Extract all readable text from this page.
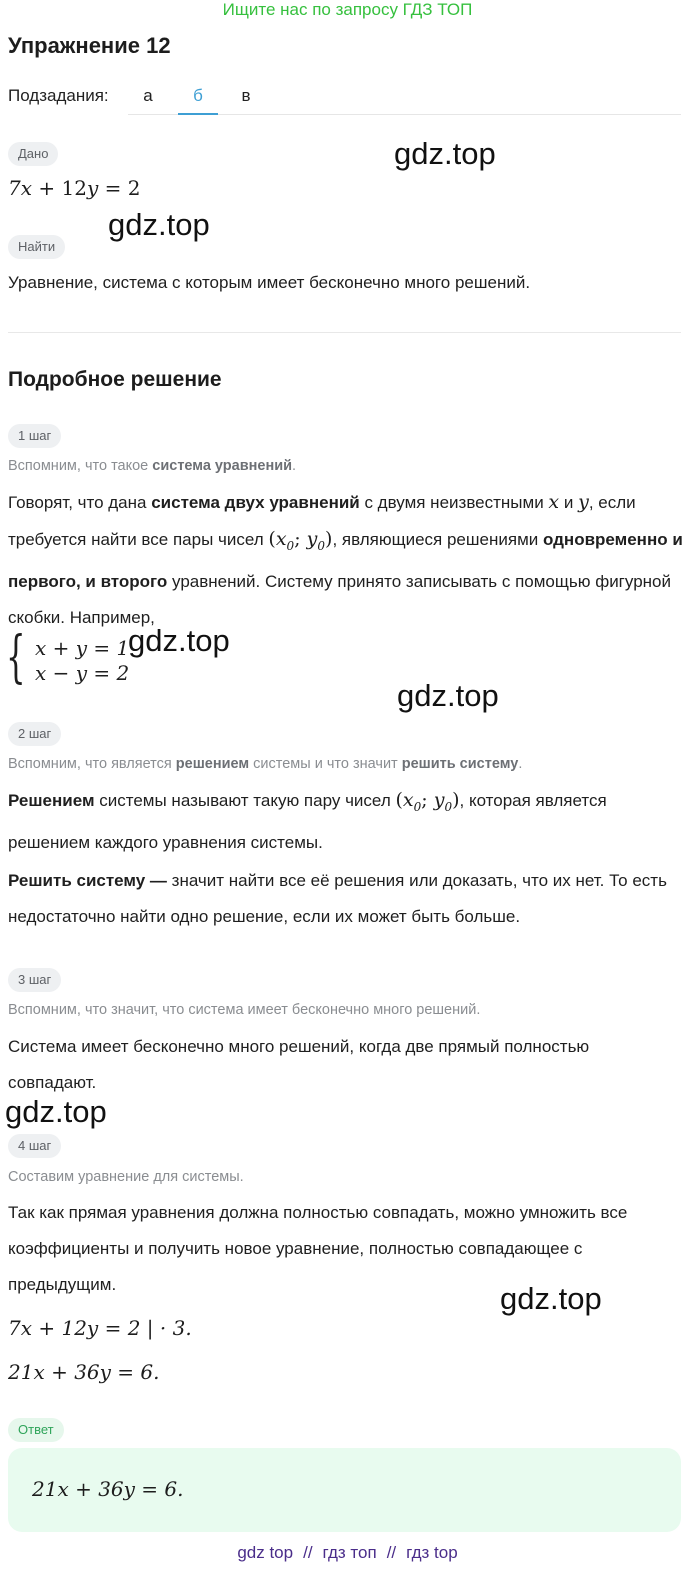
Ищите нас по запросу ГДЗ ТОП
Упражнение 12
Подзадания:	а	б	в
Дано
7x + 12y = 2
Найти
Уравнение, система с которым имеет бесконечно много решений.
Подробное решение
1 шаг
Вспомним, что такое система уравнений.
Говорят, что дана система двух уравнений с двумя неизвестными x и y, если требуется найти все пары чисел ($x_0$; $y_0$), являющиеся решениями одновременно и первого, и второго уравнений. Систему принято записывать с помощью фигурной скобки. Например,
{ x + y = 1
x − y = 2
2 шаг
Вспомним, что является решением системы и что значит решить систему.
Решением системы называют такую пару чисел ($x_0$; $y_0$), которая является решением каждого уравнения системы.
Решить систему — значит найти все её решения или доказать, что их нет. То есть недостаточно найти одно решение, если их может быть больше.
3 шаг
Вспомним, что значит, что система имеет бесконечно много решений.
Система имеет бесконечно много решений, когда две прямый полностью совпадают.
4 шаг
Составим уравнение для системы.
Так как прямая уравнения должна полностью совпадать, можно умножить все коэффициенты и получить новое уравнение, полностью совпадающее с предыдущим.
7x + 12y = 2 | · 3.
21x + 36y = 6.
Ответ
21x + 36y = 6.
gdz.top
gdz.top
gdz.top
gdz.top
gdz.top
gdz.top
gdz top // гдз топ // гдз top
